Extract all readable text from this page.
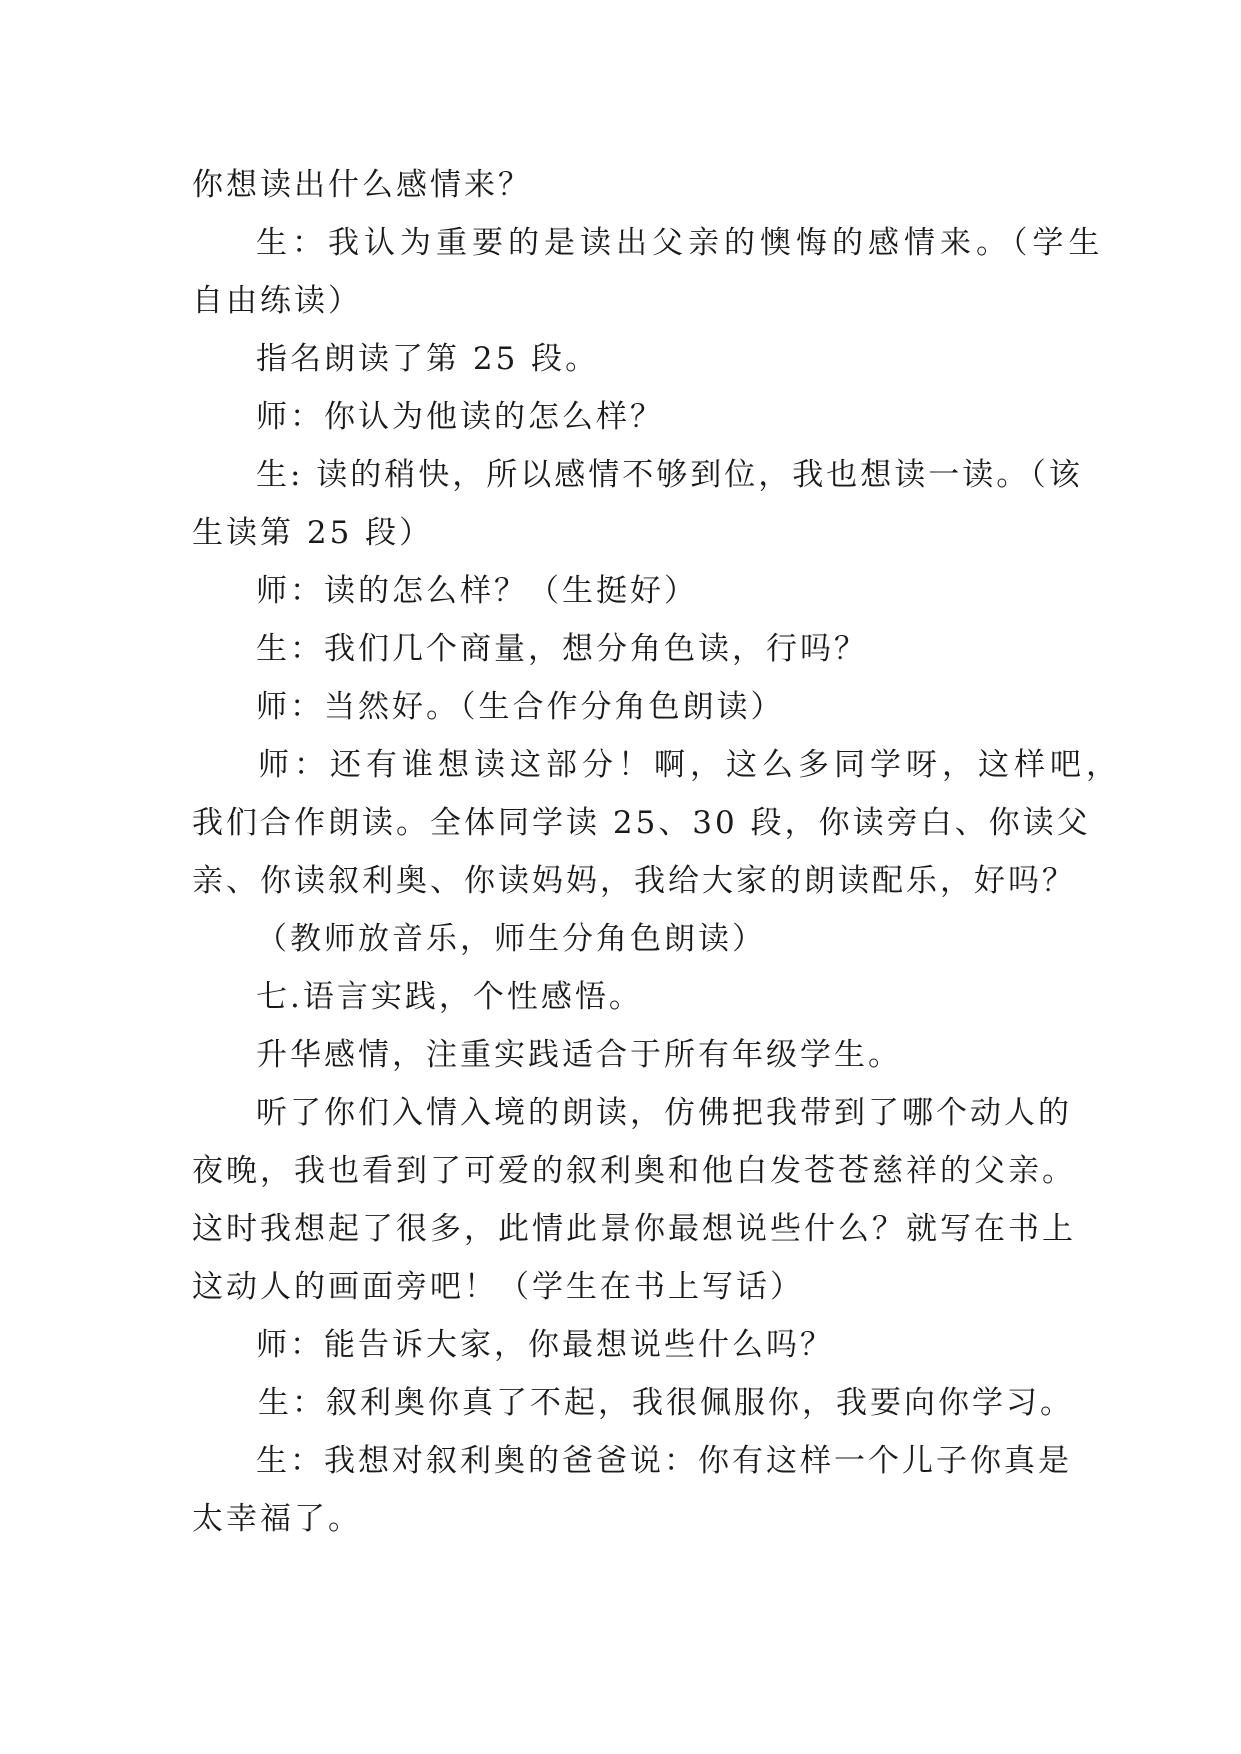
你想读出什么感情来？
生：我认为重要的是读出父亲的懊悔的感情来。（学生
自由练读）
指名朗读了第 25 段。
师：你认为他读的怎么样？
生: 读的稍快，所以感情不够到位，我也想读一读。（该
生读第 25 段）
师：读的怎么样？（生挺好）
生：我们几个商量，想分角色读，行吗？
师：当然好。（生合作分角色朗读）
师：还有谁想读这部分！啊，这么多同学呀，这样吧，
我们合作朗读。全体同学读 25、30 段，你读旁白、你读父
亲、你读叙利奥、你读妈妈，我给大家的朗读配乐，好吗？
（教师放音乐，师生分角色朗读）
七.语言实践，个性感悟。
升华感情，注重实践适合于所有年级学生。
听了你们入情入境的朗读，仿佛把我带到了哪个动人的
夜晚，我也看到了可爱的叙利奥和他白发苍苍慈祥的父亲。
这时我想起了很多，此情此景你最想说些什么？就写在书上
这动人的画面旁吧！（学生在书上写话）
师：能告诉大家，你最想说些什么吗？
生：叙利奥你真了不起，我很佩服你，我要向你学习。
生：我想对叙利奥的爸爸说：你有这样一个儿子你真是
太幸福了。
